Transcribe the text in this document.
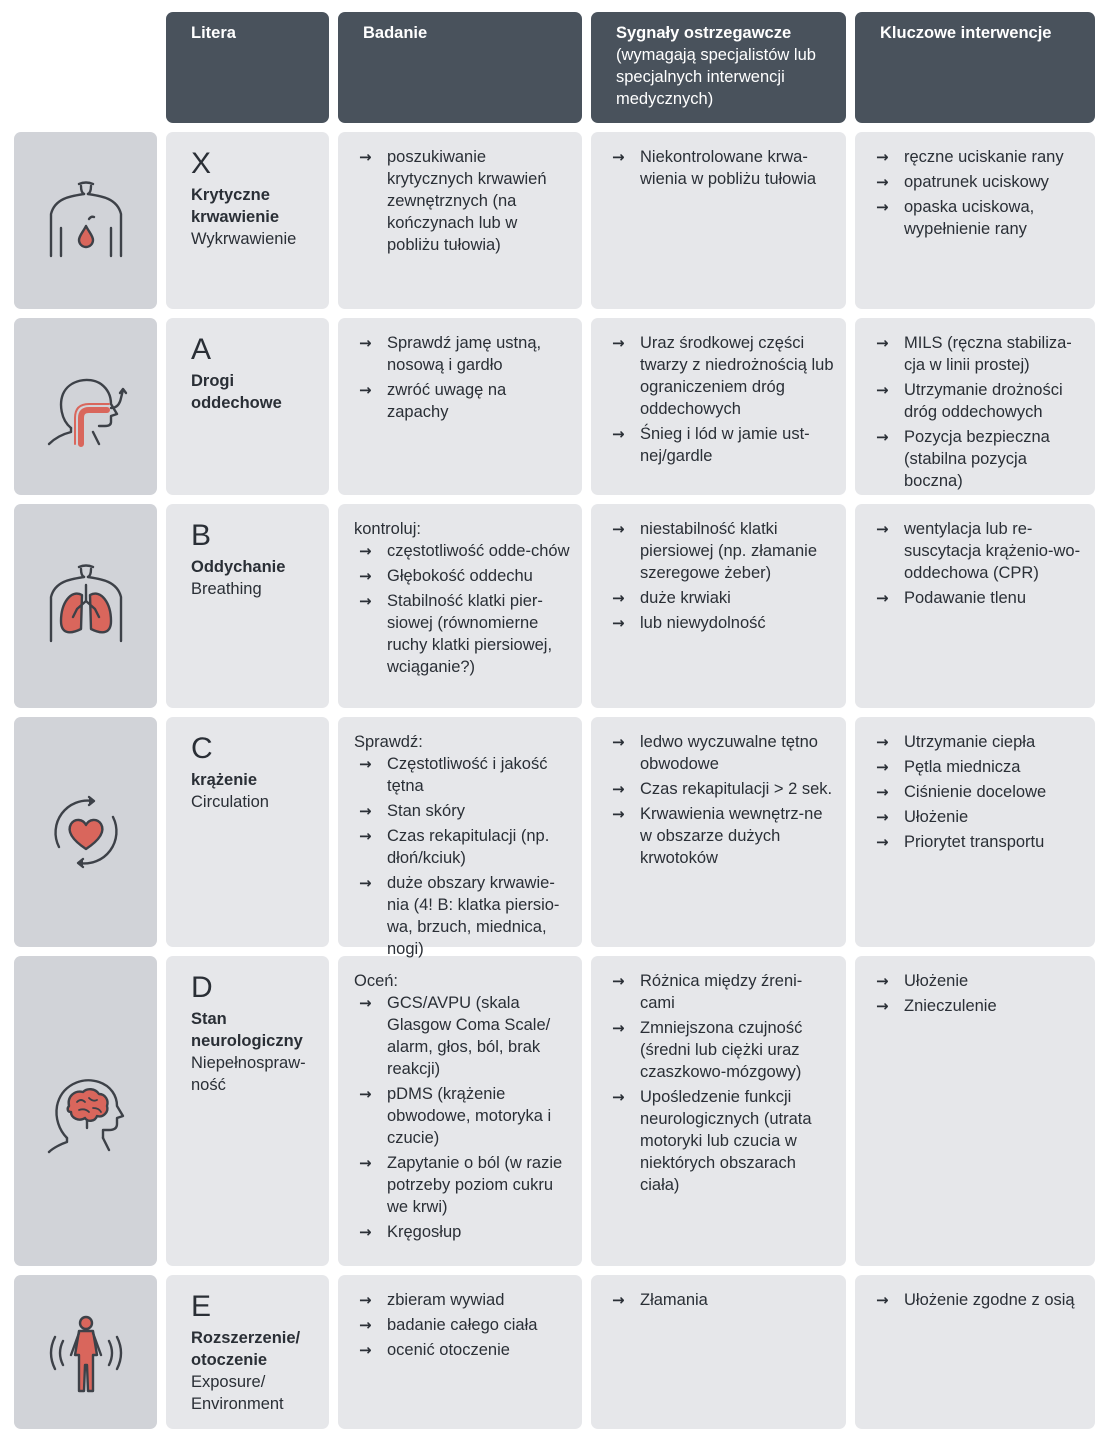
Litera	Badanie	Sygnały ostrzegawcze
(wymagają specjalistów lub specjalnych interwencji medycznych)
Kluczowe interwencje
X
Krytyczne krwawienie
Wykrwawienie
→ poszukiwanie krytycznych krwawień zewnętrznych (na kończynach lub w pobliżu tułowia)
→ Niekontrolowane krwa-wienia w pobliżu tułowia
→ ręczne uciskanie rany
→ opatrunek uciskowy
→ opaska uciskowa, wypełnienie rany
A
Drogi oddechowe
→ Sprawdź jamę ustną, nosową i gardło
→ zwróć uwagę na zapachy
→ Uraz środkowej części twarzy z niedrożnością lub ograniczeniem dróg oddechowych
→ Śnieg i lód w jamie ust-nej/gardle
→ MILS (ręczna stabiliza-cja w linii prostej)
→ Utrzymanie drożności dróg oddechowych
→ Pozycja bezpieczna (stabilna pozycja boczna)
B
Oddychanie
Breathing
kontroluj:
→ częstotliwość odde-chów
→ Głębokość oddechu
→ Stabilność klatki pier-siowej (równomierne ruchy klatki piersiowej, wciąganie?)
→ niestabilność klatki piersiowej (np. złamanie szeregowe żeber)
→ duże krwiaki
→ lub niewydolność
→ wentylacja lub re-suscytacja krążenio-wo-oddechowa (CPR)
→ Podawanie tlenu
C
krążenie
Circulation
Sprawdź:
→ Częstotliwość i jakość tętna
→ Stan skóry
→ Czas rekapitulacji (np. dłoń/kciuk)
→ duże obszary krwawie-nia (4! B: klatka piersio-wa, brzuch, miednica, nogi)
→ ledwo wyczuwalne tętno obwodowe
→ Czas rekapitulacji > 2 sek.
→ Krwawienia wewnętrz-ne w obszarze dużych krwotoków
→ Utrzymanie ciepła
→ Pętla miednicza
→ Ciśnienie docelowe
→ Ułożenie
→ Priorytet transportu
D
Stan neurologiczny
Niepełnospraw-ność
Oceń:
→ GCS/AVPU (skala Glasgow Coma Scale/ alarm, głos, ból, brak reakcji)
→ pDMS (krążenie obwodowe, motoryka i czucie)
→ Zapytanie o ból (w razie potrzeby poziom cukru we krwi)
→ Kręgosłup
→ Różnica między źreni-cami
→ Zmniejszona czujność (średni lub ciężki uraz czaszkowo-mózgowy)
→ Upośledzenie funkcji neurologicznych (utrata motoryki lub czucia w niektórych obszarach ciała)
→ Ułożenie
→ Znieczulenie
E
Rozszerzenie/ otoczenie
Exposure/ Environment
→ zbieram wywiad
→ badanie całego ciała
→ ocenić otoczenie
→ Złamania
→	Ułożenie zgodne z osią
